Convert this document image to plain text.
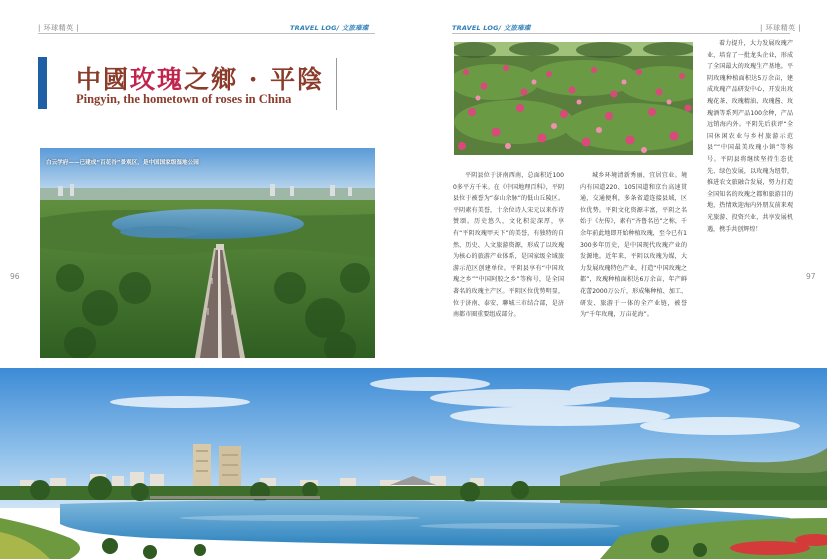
| 环球精英 |	TRAVEL LOG/ 文旅璀璨	TRAVEL LOG/ 文旅璀璨	| 环球精英 |
中國玫瑰之鄉 · 平陰
Pingyin, the hometown of roses in China
白云学府——已建成“百花谷”景观区，是中国国家级湿地公园
96	97
平阴县位于济南西南，总面积近1000多平方千米。在《中国地理百科》，平阴县位于被誉为“泰山余脉”的低山丘陵区。平阴素有美誉，十余位诗人宋元以来作诗赞颂。历史悠久，文化积淀深厚，享有“平阴玫瑰甲天下”的美誉，有独特的自然、历史、人文旅游资源，形成了以玫瑰为核心的旅游产业体系，是国家级全域旅游示范区创建单位。平阴县享有“中国玫瑰之乡”“中国阿胶之乡”等称号，是全国著名的玫瑰主产区。平阴区位优势明显，位于济南、泰安、聊城三市结合部，是济南都市圈重要组成部分。
城乡环境清新秀丽，宜居宜业。境内有国道220、105国道和京台高速贯通，交通便利，多条省道连接县域，区位优势。平阴文化资源丰富，平阴之名始于《左传》，素有“齐鲁名邑”之称，千余年前此地即开始种植玫瑰，至今已有1300多年历史，是中国现代玫瑰产业的发源地。近年来，平阴以玫瑰为媒，大力发展玫瑰特色产业，打造“中国玫瑰之都”，玫瑰种植面积达6万余亩，年产鲜花蕾2000万公斤，形成集种植、加工、研发、旅游于一体的全产业链，被誉为“千年玫瑰，万亩花海”。
着力提升，大力发展玫瑰产业，培育了一批龙头企业，形成了全国最大的玫瑰生产基地。平阴玫瑰种植面积达5万余亩，建成玫瑰产品研发中心，开发出玫瑰花茶、玫瑰精油、玫瑰酱、玫瑰酒等系列产品100余种，产品远销海内外。平阴先后获评“全国休闲农业与乡村旅游示范县”“中国最美玫瑰小镇”等称号。平阴县将继续坚持生态优先、绿色发展，以玫瑰为纽带，推进农文旅融合发展，努力打造全国知名的玫瑰之都和旅游目的地，热情欢迎海内外朋友前来观光旅游、投资兴业，共享发展机遇，携手共创辉煌！
